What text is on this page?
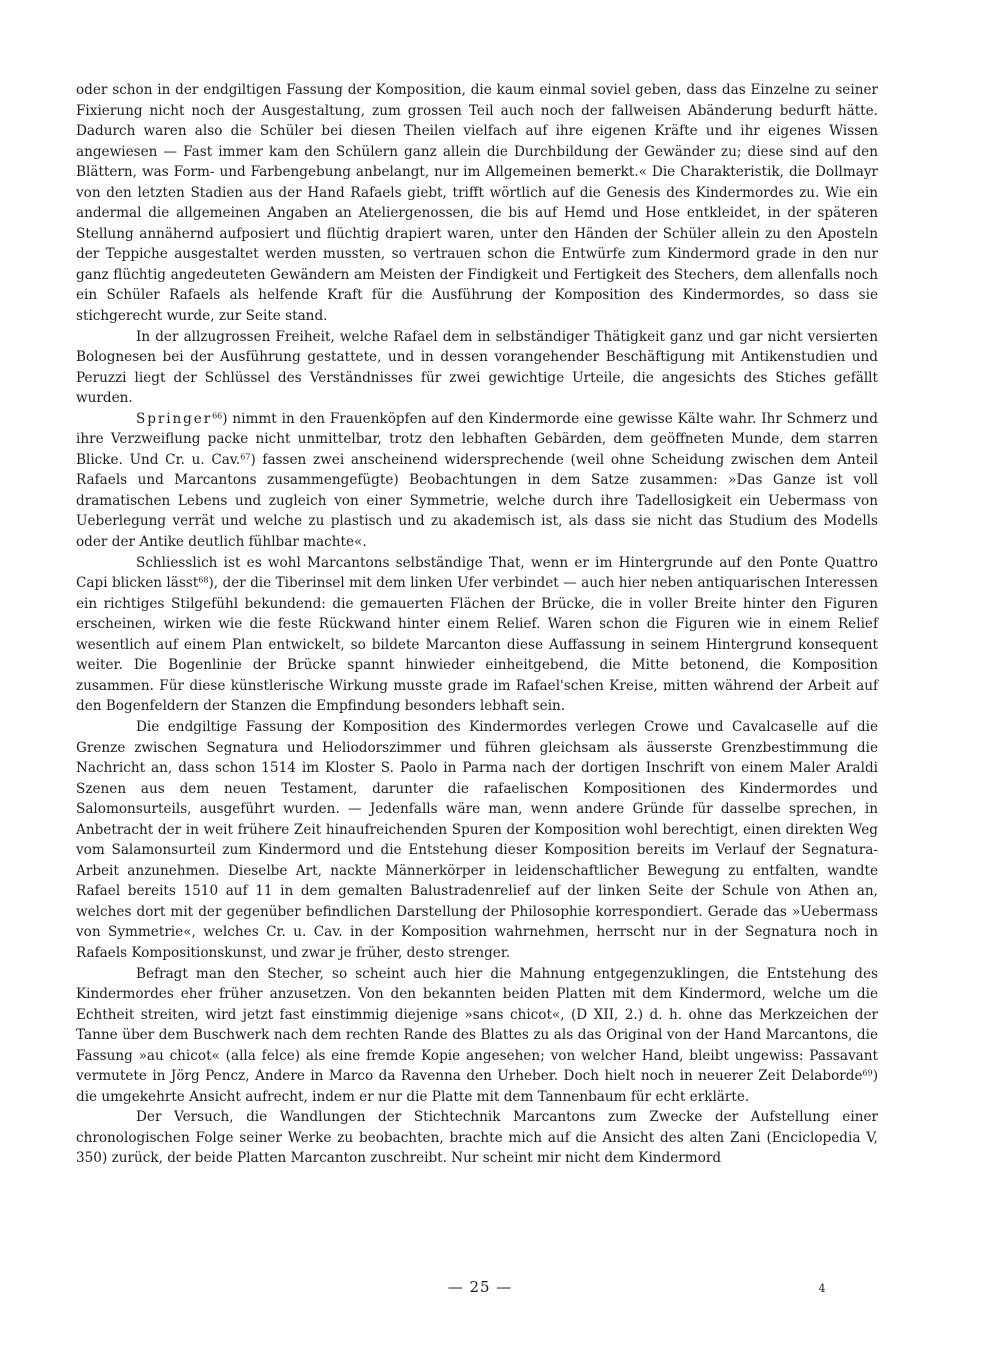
oder schon in der endgiltigen Fassung der Komposition, die kaum einmal soviel geben, dass das Einzelne zu seiner Fixierung nicht noch der Ausgestaltung, zum grossen Teil auch noch der fallweisen Abänderung bedurft hätte. Dadurch waren also die Schüler bei diesen Theilen vielfach auf ihre eigenen Kräfte und ihr eigenes Wissen angewiesen — Fast immer kam den Schülern ganz allein die Durchbildung der Gewänder zu; diese sind auf den Blättern, was Form- und Farbengebung anbelangt, nur im Allgemeinen bemerkt.« Die Charakteristik, die Dollmayr von den letzten Stadien aus der Hand Rafaels giebt, trifft wörtlich auf die Genesis des Kindermordes zu. Wie ein andermal die allgemeinen Angaben an Ateliergenossen, die bis auf Hemd und Hose entkleidet, in der späteren Stellung annähernd aufposiert und flüchtig drapiert waren, unter den Händen der Schüler allein zu den Aposteln der Teppiche ausgestaltet werden mussten, so vertrauen schon die Entwürfe zum Kindermord grade in den nur ganz flüchtig angedeuteten Gewändern am Meisten der Findigkeit und Fertigkeit des Stechers, dem allenfalls noch ein Schüler Rafaels als helfende Kraft für die Ausführung der Komposition des Kindermordes, so dass sie stichgerecht wurde, zur Seite stand.

In der allzugrossen Freiheit, welche Rafael dem in selbständiger Thätigkeit ganz und gar nicht versierten Bolognesen bei der Ausführung gestattete, und in dessen vorangehender Beschäftigung mit Antikenstudien und Peruzzi liegt der Schlüssel des Verständnisses für zwei gewichtige Urteile, die angesichts des Stiches gefällt wurden.

Springer$^{66}$) nimmt in den Frauenköpfen auf den Kindermorde eine gewisse Kälte wahr. Ihr Schmerz und ihre Verzweiflung packe nicht unmittelbar, trotz den lebhaften Gebärden, dem geöffneten Munde, dem starren Blicke. Und Cr. u. Cav.$^{67}$) fassen zwei anscheinend widersprechende (weil ohne Scheidung zwischen dem Anteil Rafaels und Marcantons zusammengefügte) Beobachtungen in dem Satze zusammen: »Das Ganze ist voll dramatischen Lebens und zugleich von einer Symmetrie, welche durch ihre Tadellosigkeit ein Uebermass von Ueberlegung verrät und welche zu plastisch und zu akademisch ist, als dass sie nicht das Studium des Modells oder der Antike deutlich fühlbar machte«.

Schliesslich ist es wohl Marcantons selbständige That, wenn er im Hintergrunde auf den Ponte Quattro Capi blicken lässt$^{68}$), der die Tiberinsel mit dem linken Ufer verbindet — auch hier neben antiquarischen Interessen ein richtiges Stilgefühl bekundend: die gemauerten Flächen der Brücke, die in voller Breite hinter den Figuren erscheinen, wirken wie die feste Rückwand hinter einem Relief. Waren schon die Figuren wie in einem Relief wesentlich auf einem Plan entwickelt, so bildete Marcanton diese Auffassung in seinem Hintergrund konsequent weiter. Die Bogenlinie der Brücke spannt hinwieder einheitgebend, die Mitte betonend, die Komposition zusammen. Für diese künstlerische Wirkung musste grade im Rafael'schen Kreise, mitten während der Arbeit auf den Bogenfeldern der Stanzen die Empfindung besonders lebhaft sein.

Die endgiltige Fassung der Komposition des Kindermordes verlegen Crowe und Cavalcaselle auf die Grenze zwischen Segnatura und Heliodorszimmer und führen gleichsam als äusserste Grenzbestimmung die Nachricht an, dass schon 1514 im Kloster S. Paolo in Parma nach der dortigen Inschrift von einem Maler Araldi Szenen aus dem neuen Testament, darunter die rafaelischen Kompositionen des Kindermordes und Salomonsurteils, ausgeführt wurden. — Jedenfalls wäre man, wenn andere Gründe für dasselbe sprechen, in Anbetracht der in weit frühere Zeit hinaufreichenden Spuren der Komposition wohl berechtigt, einen direkten Weg vom Salamonsurteil zum Kindermord und die Entstehung dieser Komposition bereits im Verlauf der Segnatura-Arbeit anzunehmen. Dieselbe Art, nackte Männerkörper in leidenschaftlicher Bewegung zu entfalten, wandte Rafael bereits 1510 auf 11 in dem gemalten Balustradenrelief auf der linken Seite der Schule von Athen an, welches dort mit der gegenüber befindlichen Darstellung der Philosophie korrespondiert. Gerade das »Uebermass von Symmetrie«, welches Cr. u. Cav. in der Komposition wahrnehmen, herrscht nur in der Segnatura noch in Rafaels Kompositionskunst, und zwar je früher, desto strenger.

Befragt man den Stecher, so scheint auch hier die Mahnung entgegenzuklingen, die Entstehung des Kindermordes eher früher anzusetzen. Von den bekannten beiden Platten mit dem Kindermord, welche um die Echtheit streiten, wird jetzt fast einstimmig diejenige »sans chicot«, (D XII, 2.) d. h. ohne das Merkzeichen der Tanne über dem Buschwerk nach dem rechten Rande des Blattes zu als das Original von der Hand Marcantons, die Fassung »au chicot« (alla felce) als eine fremde Kopie angesehen; von welcher Hand, bleibt ungewiss: Passavant vermutete in Jörg Pencz, Andere in Marco da Ravenna den Urheber. Doch hielt noch in neuerer Zeit Delaborde$^{69}$) die umgekehrte Ansicht aufrecht, indem er nur die Platte mit dem Tannenbaum für echt erklärte.

Der Versuch, die Wandlungen der Stichtechnik Marcantons zum Zwecke der Aufstellung einer chronologischen Folge seiner Werke zu beobachten, brachte mich auf die Ansicht des alten Zani (Enciclopedia V, 350) zurück, der beide Platten Marcanton zuschreibt. Nur scheint mir nicht dem Kindermord

— 25 —	4
